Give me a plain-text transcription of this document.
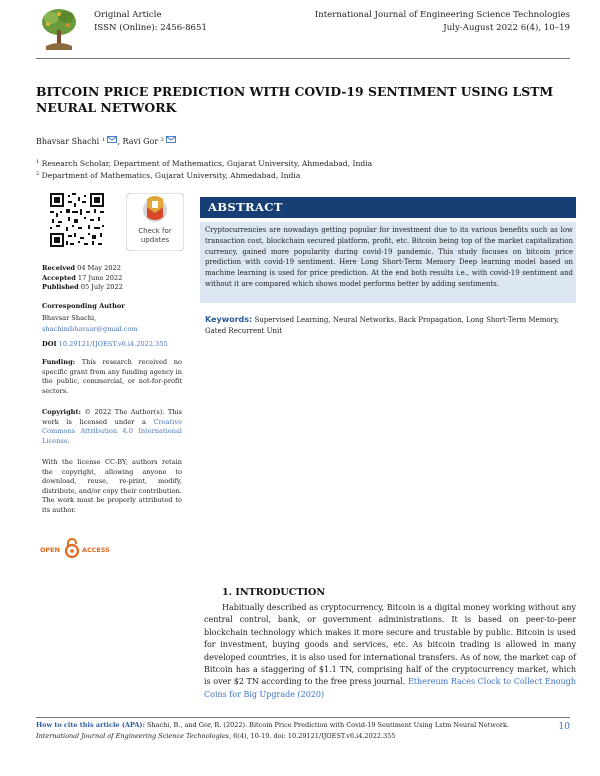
Original Article
ISSN (Online): 2456-8651
International Journal of Engineering Science Technologies
July-August 2022 6(4), 10–19
BITCOIN PRICE PREDICTION WITH COVID-19 SENTIMENT USING LSTM NEURAL NETWORK
Bhavsar Shachi $^1$ , Ravi Gor $^2$
$^1$ Research Scholar, Department of Mathematics, Gujarat University, Ahmedabad, India
$^2$ Department of Mathematics, Gujarat University, Ahmedabad, India
Check for
updates
Received 04 May 2022
Accepted 17 June 2022
Published 05 July 2022
Corresponding Author
Bhavsar Shachi,
shachimbhavsar@gmail.com
DOI 10.29121/IJOEST.v6.i4.2022.355
Funding: This research received no specific grant from any funding agency in the public, commercial, or not-for-profit sectors.
Copyright: © 2022 The Author(s). This work is licensed under a Creative Commons Attribution 4.0 International License.
With the license CC-BY, authors retain the copyright, allowing anyone to download, reuse, re-print, modify, distribute, and/or copy their contribution. The work must be properly attributed to its author.
OPEN	ACCESS
ABSTRACT
Cryptocurrencies are nowadays getting popular for investment due to its various benefits such as low transaction cost, blockchain secured platform, profit, etc. Bitcoin being top of the market capitalization currency, gained more popularity during covid-19 pandemic. This study focuses on bitcoin price prediction with covid-19 sentiment. Here Long Short-Term Memory Deep learning model based on machine learning is used for price prediction. At the end both results i.e., with covid-19 sentiment and without it are compared which shows model performs better by adding sentiments.
Keywords: Supervised Learning, Neural Networks, Back Propagation, Long Short-Term Memory, Gated Recurrent Unit
1. INTRODUCTION
Habitually described as cryptocurrency, Bitcoin is a digital money working without any central control, bank, or government administrations. It is based on peer-to-peer blockchain technology which makes it more secure and trustable by public. Bitcoin is used for investment, buying goods and services, etc. As bitcoin trading is allowed in many developed countries, it is also used for international transfers. As of now, the market cap of Bitcoin has a staggering of $1.1 TN, comprising half of the cryptocurrency market, which is over $2 TN according to the free press journal. Ethereum Races Clock to Collect Enough Coins for Big Upgrade (2020)
How to cite this article (APA): Shachi, B., and Gor, R. (2022). Bitcoin Price Prediction with Covid-19 Sentiment Using Lstm Neural Network. International Journal of Engineering Science Technologies, 6(4), 10-19. doi: 10.29121/IJOEST.v6.i4.2022.355
10
